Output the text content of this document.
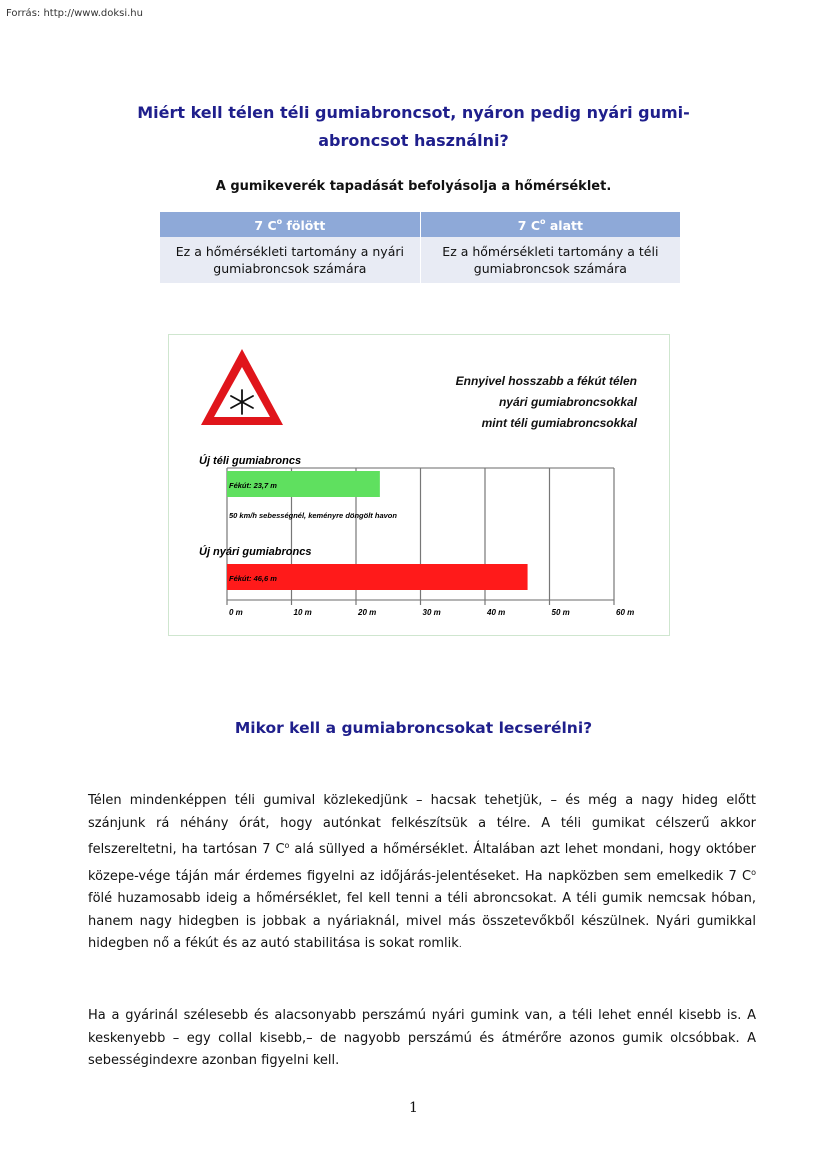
Forrás: http://www.doksi.hu
Miért kell télen téli gumiabroncsot, nyáron pedig nyári gumi-
abroncsot használni?
A gumikeverék tapadását befolyásolja a hőmérséklet.
7 $C^o$ fölött	7 $C^o$ alatt
Ez a hőmérsékleti tartomány a nyári gumiabroncsok számára	Ez a hőmérsékleti tartomány a téli gumiabroncsok számára
Ennyivel hosszabb a fékút télen
nyári gumiabroncsokkal
mint téli gumiabroncsokkal
Új téli gumiabroncs
Új nyári gumiabroncs
50 km/h sebességnél, keményre döngölt havon
Fékút: 23,7 m
Fékút: 46,6 m
0 m	10 m	20 m	30 m	40 m	50 m	60 m
Mikor kell a gumiabroncsokat lecserélni?
Télen mindenképpen téli gumival közlekedjünk – hacsak tehetjük, – és még a nagy hideg előtt szánjunk rá néhány órát, hogy autónkat felkészítsük a télre. A téli gumikat célszerű akkor felszereltetni, ha tartósan 7 $C^o$ alá süllyed a hőmérséklet. Általában azt lehet mondani, hogy október közepe-vége táján már érdemes figyelni az időjárás-jelentéseket. Ha napközben sem emelkedik 7 $C^o$ fölé huzamosabb ideig a hőmérséklet, fel kell tenni a téli abroncsokat. A téli gumik nemcsak hóban, hanem nagy hidegben is jobbak a nyáriaknál, mivel más összetevőkből készülnek. Nyári gumikkal hidegben nő a fékút és az autó stabilitása is sokat romlik.
Ha a gyárinál szélesebb és alacsonyabb perszámú nyári gumink van, a téli lehet ennél kisebb is. A keskenyebb – egy collal kisebb,– de nagyobb perszámú és átmérőre azonos gumik olcsóbbak. A sebességindexre azonban figyelni kell.
1
